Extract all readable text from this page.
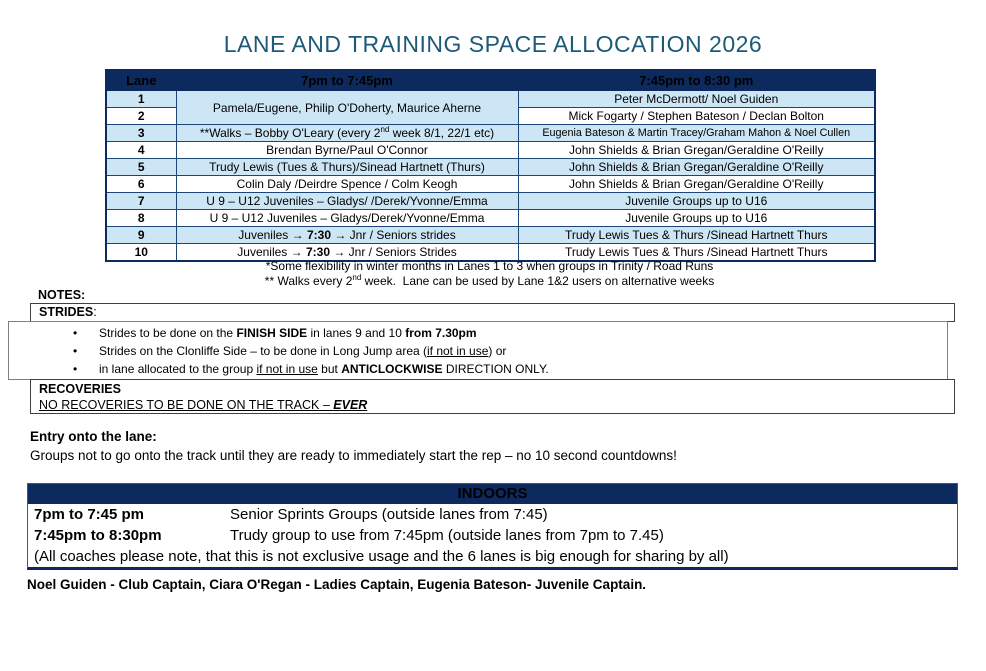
LANE AND TRAINING SPACE ALLOCATION 2026
Lane	7pm to 7:45pm	7:45pm to 8:30 pm
1	Pamela/Eugene, Philip O'Doherty, Maurice Aherne	Peter McDermott/ Noel Guiden
2		Mick Fogarty / Stephen Bateson / Declan Bolton
3	**Walks – Bobby O'Leary (every 2nd week 8/1, 22/1 etc)	Eugenia Bateson & Martin Tracey/Graham Mahon & Noel Cullen
4	Brendan Byrne/Paul O'Connor	John Shields & Brian Gregan/Geraldine O'Reilly
5	Trudy Lewis (Tues & Thurs)/Sinead Hartnett (Thurs)	John Shields & Brian Gregan/Geraldine O'Reilly
6	Colin Daly /Deirdre Spence / Colm Keogh	John Shields & Brian Gregan/Geraldine O'Reilly
7	U 9 – U12 Juveniles – Gladys/ /Derek/Yvonne/Emma	Juvenile Groups up to U16
8	U 9 – U12 Juveniles – Gladys/Derek/Yvonne/Emma	Juvenile Groups up to U16
9	Juveniles → 7:30 → Jnr / Seniors strides	Trudy Lewis Tues & Thurs /Sinead Hartnett Thurs
10	Juveniles → 7:30 → Jnr / Seniors Strides	Trudy Lewis Tues & Thurs /Sinead Hartnett Thurs
*Some flexibility in winter months in Lanes 1 to 3 when groups in Trinity / Road Runs
** Walks every 2nd week.  Lane can be used by Lane 1&2 users on alternative weeks
NOTES:
STRIDES:
• Strides to be done on the FINISH SIDE in lanes 9 and 10 from 7.30pm
• Strides on the Clonliffe Side – to be done in Long Jump area (if not in use) or
• in lane allocated to the group if not in use but ANTICLOCKWISE DIRECTION ONLY.
RECOVERIES
NO RECOVERIES TO BE DONE ON THE TRACK – EVER
Entry onto the lane:
Groups not to go onto the track until they are ready to immediately start the rep – no 10 second countdowns!
INDOORS
7pm to 7:45 pm	Senior Sprints Groups (outside lanes from 7:45)
7:45pm to 8:30pm	Trudy group to use from 7:45pm (outside lanes from 7pm to 7.45)
(All coaches please note, that this is not exclusive usage and the 6 lanes is big enough for sharing by all)
Noel Guiden - Club Captain, Ciara O'Regan - Ladies Captain, Eugenia Bateson- Juvenile Captain.
